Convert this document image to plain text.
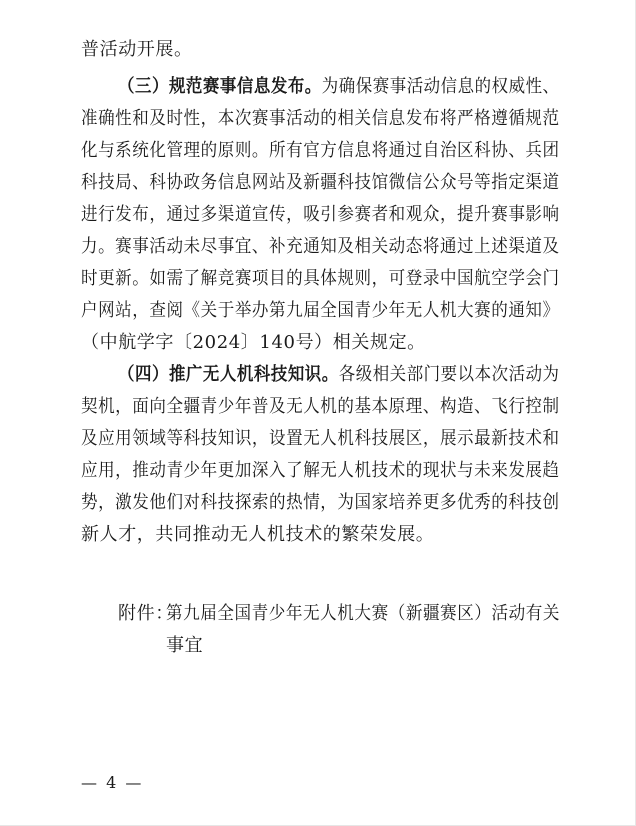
普活动开展。
（三）规范赛事信息发布。为确保赛事活动信息的权威性、
准确性和及时性，本次赛事活动的相关信息发布将严格遵循规范
化与系统化管理的原则。所有官方信息将通过自治区科协、兵团
科技局、科协政务信息网站及新疆科技馆微信公众号等指定渠道
进行发布，通过多渠道宣传，吸引参赛者和观众，提升赛事影响
力。赛事活动未尽事宜、补充通知及相关动态将通过上述渠道及
时更新。如需了解竞赛项目的具体规则，可登录中国航空学会门
户网站，查阅《关于举办第九届全国青少年无人机大赛的通知》
（中航学字〔2024〕140号）相关规定。
（四）推广无人机科技知识。各级相关部门要以本次活动为
契机，面向全疆青少年普及无人机的基本原理、构造、飞行控制
及应用领域等科技知识，设置无人机科技展区，展示最新技术和
应用，推动青少年更加深入了解无人机技术的现状与未来发展趋
势，激发他们对科技探索的热情，为国家培养更多优秀的科技创
新人才，共同推动无人机技术的繁荣发展。
附件：
第九届全国青少年无人机大赛（新疆赛区）活动有关
事宜
— 4 —
